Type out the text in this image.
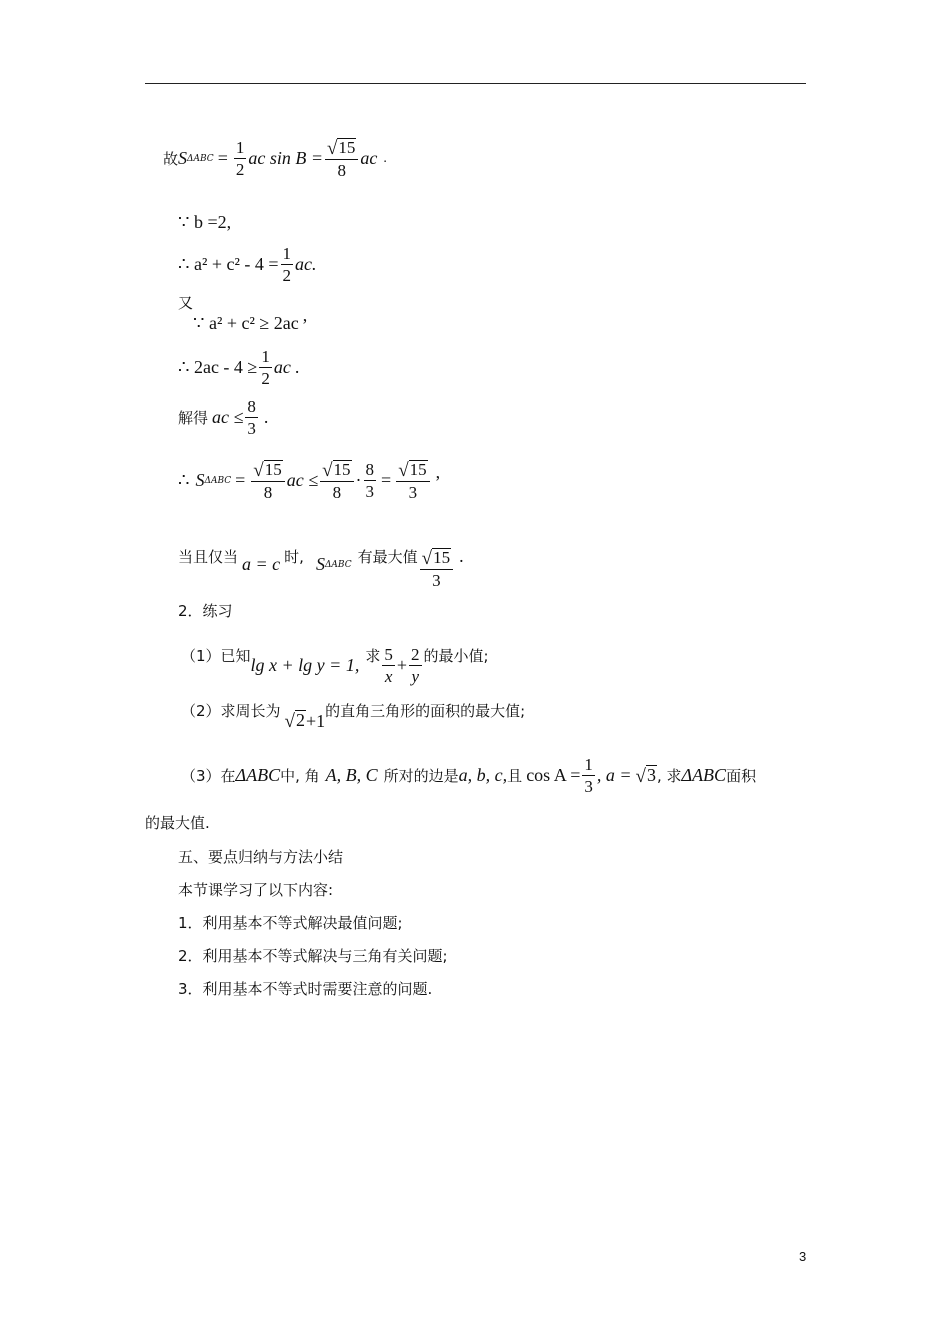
故 S $\Delta ABC = \frac{1}{2}$ ac $\sin B = \frac{√ 15}{8}$ ac .
∵ b =2,
∴ $a^2 + c^2 - 4 = \frac{1}{2}$ ac.
又
∵ a² + c² ≥ 2ac ,
∴ $2ac - 4 \ge \frac{1}{2}$ ac .
解得 ac ≤ $\frac{8}{3}$ .
∴ S $\Delta ABC = \frac{√ 15}{8}$ ac ≤ $\frac{√ 15}{8} \cdot \frac{8}{3} = \frac{√ 15}{3}$ ,
当且仅当 a = c 时, S ΔABC 有最大值 $\frac{√ 15}{3}$ .
2．练习
（1）已知 lg x + lg y = 1, 求 $\frac{5}{x} + \frac{2}{y}$ 的最小值;
（2）求周长为 √ 2 +1 的直角三角形的面积的最大值;
（3）在 ΔABC 中, 角 A, B, C 所对的边是 a, b, c, 且 $\cos A = \frac{1}{3}$ , a = √ 3 , 求 ΔABC 面积
的最大值.
五、要点归纳与方法小结
本节课学习了以下内容:
1．利用基本不等式解决最值问题;
2．利用基本不等式解决与三角有关问题;
3．利用基本不等式时需要注意的问题.
3
